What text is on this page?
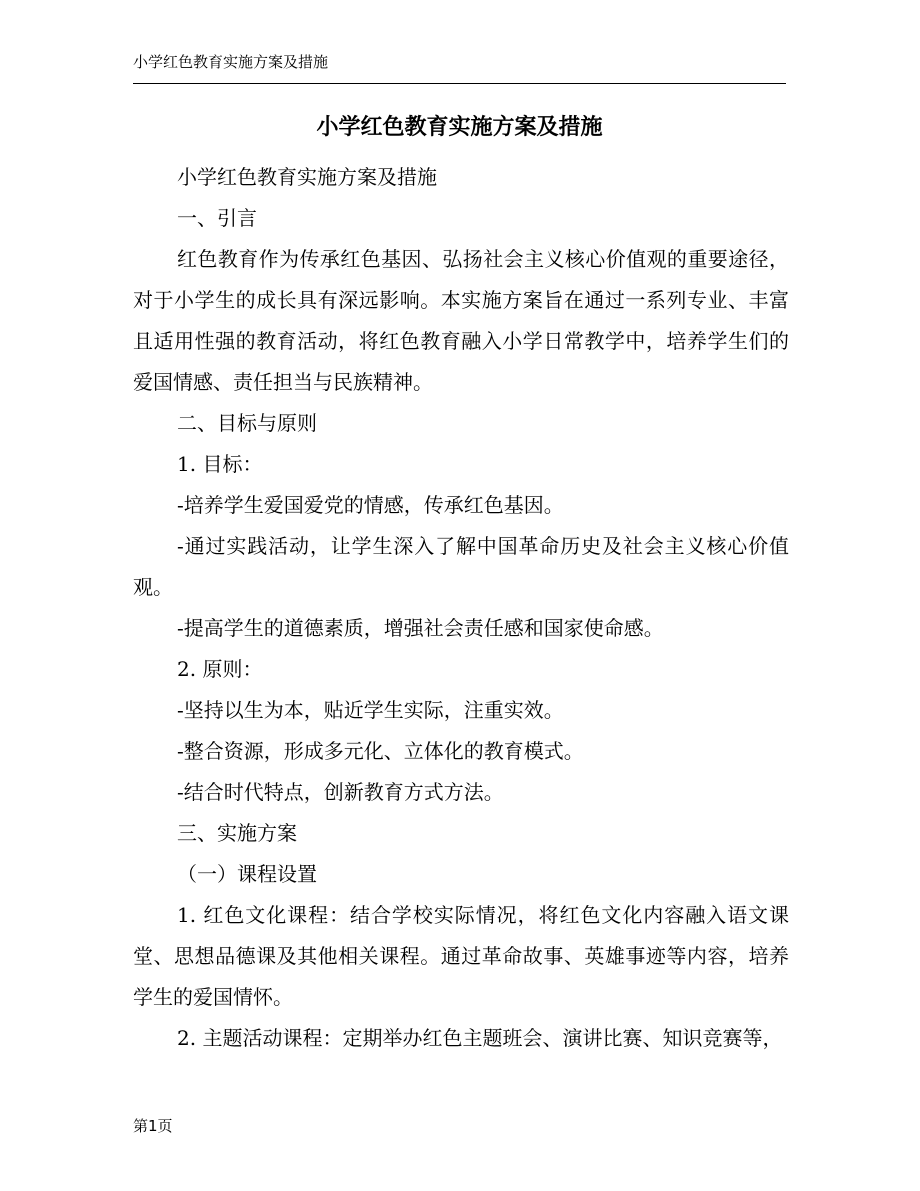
小学红色教育实施方案及措施
小学红色教育实施方案及措施

小学红色教育实施方案及措施

一、引言

红色教育作为传承红色基因、弘扬社会主义核心价值观的重要途径，对于小学生的成长具有深远影响。本实施方案旨在通过一系列专业、丰富且适用性强的教育活动，将红色教育融入小学日常教学中，培养学生们的爱国情感、责任担当与民族精神。

二、目标与原则

1. 目标：

-培养学生爱国爱党的情感，传承红色基因。

-通过实践活动，让学生深入了解中国革命历史及社会主义核心价值观。

-提高学生的道德素质，增强社会责任感和国家使命感。

2. 原则：

-坚持以生为本，贴近学生实际，注重实效。

-整合资源，形成多元化、立体化的教育模式。

-结合时代特点，创新教育方式方法。

三、实施方案

（一）课程设置

1. 红色文化课程：结合学校实际情况，将红色文化内容融入语文课堂、思想品德课及其他相关课程。通过革命故事、英雄事迹等内容，培养学生的爱国情怀。

2. 主题活动课程：定期举办红色主题班会、演讲比赛、知识竞赛等，

第1页
